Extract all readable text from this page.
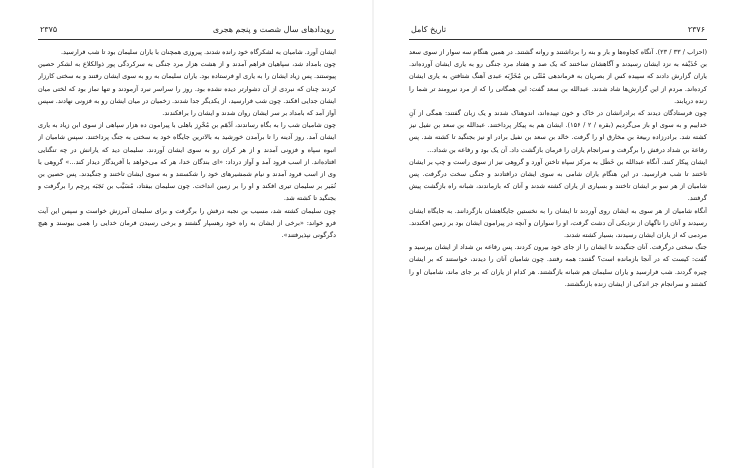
۲۳۷۵	رویدادهای سال شصت و پنجم هجری

ایشان آورد. شامیان به لشکرگاه خود رانده شدند. پیروزی همچنان با یاران سلیمان بود تا شب فرارسید.

چون بامداد شد، سپاهیان فراهم آمدند و از هشت هزار مرد جنگی به سرکردگی پور ذوالکلاع به لشکر حصین پیوستند. پس زیاد ایشان را به یاری او فرستاده بود. یاران سلیمان به رو به سوی ایشان رفتند و به سختی کارزار کردند چنان که نبردی از آن دشوارتر دیده نشده بود. روز را سراسر نبرد آزمودند و تنها نماز بود که لختی میان ایشان جدایی افکند. چون شب فرارسید، از یکدیگر جدا شدند. زخمیان در میان ایشان رو به فزونی نهادند. سپس آواز آمد که بامداد بر سر ایشان روان شدند و ایشان را برافکندند.

چون شامیان شب را به بگاه رساندند، اَدْهَم بن مُحْرِز باهلی با پیرامون ده هزار سپاهی از سوی ابن زیاد به یاری ایشان آمد. روز آدینه را تا برآمدن خورشید به بالاترین جایگاه خود به سختی به جنگ پرداختند. سپس شامیان از انبوه سپاه و فزونی آمدند و از هر کران رو به سوی ایشان آوردند. سلیمان دید که یارانش در چه تنگنایی افتاده‌اند. از اسب فرود آمد و آواز درداد: «ای بندگان خدا، هر که می‌خواهد با آفریدگار دیدار کند...» گروهی با وی از اسب فرود آمدند و نیام شمشیرهای خود را شکستند و به سوی ایشان تاختند و جنگیدند. پس حصین بن نُمَیر بر سلیمان تیری افکند و او را بر زمین انداخت. چون سلیمان بیفتاد، مُسَیَّب بن نَجَبَه پرچم را برگرفت و بجنگید تا کشته شد.

چون سلیمان کشته شد، مسیب بن نجبه درفش را برگرفت و برای سلیمان آمرزش خواست و سپس این آیت فرو خواند: «برخی از ایشان به راه خود رهسپار گشتند و برخی رسیدن فرمان خدایی را همی بیوسند و هیچ دگرگونی نپذیرفتند».

۲۳۷۶
تاریخ کامل

(احزاب / ۳۳ / ۲۳). آنگاه کجاوه‌ها و بار و بنه را برداشتند و روانه گشتند. در همین هنگام سه سوار از سوی سعد بن حُذَیْفه به نزد ایشان رسیدند و آگاهشان ساختند که یک صد و هفتاد مرد جنگی رو به یاری ایشان آورده‌اند. یاران گزارش دادند که سپیده کس از بصریان به فرماندهی مُثَنّی بن مُخَرِّبَه عبدی آهنگ شتافتن به یاری ایشان کرده‌اند. مردم از این گزارش‌ها شاد شدند. عبدالله بن سعد گفت: این همگانی را که از مرد نیرومند تر شما را زنده دریابند.

چون فرستادگان دیدند که برادرانشان در خاک و خون تپیده‌اند، اندوهناک شدند و یک زبان گفتند: همگی از آنِ خداییم و به سوی او باز می‌گردیم (بقره / ۲ / ۱۵۶). ایشان هم به پیکار پرداختند. عبدالله بن سعد بن نفیل نیز کشته شد. برادرزاده ربیعة بن مخارق او را گرفت. خالد بن سعد بن نفیل برادر او نیز بجنگید تا کشته شد. پس رفاعة بن شداد درفش را برگرفت و سرانجام یاران را فرمان بازگشت داد. آن یک بود و رفاعه بن شداد...

ایشان پیکار کنند. آنگاه عبدالله بن خَطَل به مرکز سپاه تاختن آورد و گروهی نیز از سوی راست و چپ بر ایشان تاختند تا شب فرارسید. در این هنگام یاران شامی به سوی ایشان درافتادند و جنگی سخت درگرفت. پس شامیان از هر سو بر ایشان تاختند و بسیاری از یاران کشته شدند و آنان که بازماندند، شبانه راه بازگشت پیش گرفتند.

آنگاه شامیان از هر سوی به ایشان روی آوردند تا ایشان را به نخستین جایگاهشان بازگردانند. به جایگاه ایشان رسیدند و آنان را ناگهان از نزدیکی آن دشت گرفت، او را سواران و آنچه در پیرامون ایشان بود بر زمین افکندند. مردمی که از یاران ایشان رسیدند، بسیار کشته شدند.

جنگ سختی درگرفت. آنان جنگیدند تا ایشان را از جای خود بیرون کردند. پس رفاعه بن شداد از ایشان بپرسید و گفت: کیست که در آنجا بازمانده است؟ گفتند: همه رفتند. چون شامیان آنان را دیدند، خواستند که بر ایشان چیره گردند. شب فرارسید و یاران سلیمان هم شبانه بازگشتند. هر کدام از یاران که بر جای ماند، شامیان او را کشتند و سرانجام جز اندکی از ایشان زنده بازنگشتند.
